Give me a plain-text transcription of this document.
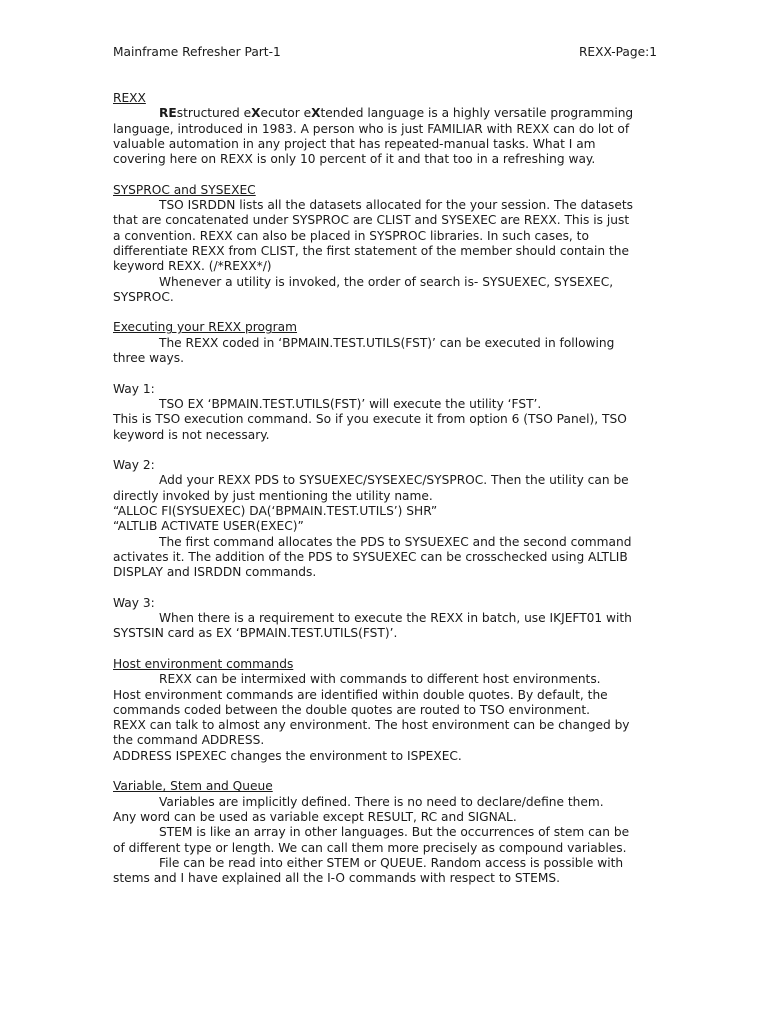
Mainframe Refresher Part-1	REXX-Page:1

REXX

REstructured eXecutor eXtended language is a highly versatile programming

language, introduced in 1983. A person who is just FAMILIAR with REXX can do lot of

valuable automation in any project that has repeated-manual tasks. What I am

covering here on REXX is only 10 percent of it and that too in a refreshing way.

SYSPROC and SYSEXEC

TSO ISRDDN lists all the datasets allocated for the your session. The datasets

that are concatenated under SYSPROC are CLIST and SYSEXEC are REXX. This is just

a convention. REXX can also be placed in SYSPROC libraries. In such cases, to

differentiate REXX from CLIST, the first statement of the member should contain the

keyword REXX. (/*REXX*/)

Whenever a utility is invoked, the order of search is- SYSUEXEC, SYSEXEC,

SYSPROC.

Executing your REXX program

The REXX coded in ‘BPMAIN.TEST.UTILS(FST)’ can be executed in following

three ways.

Way 1:

TSO EX ‘BPMAIN.TEST.UTILS(FST)’ will execute the utility ‘FST’.

This is TSO execution command. So if you execute it from option 6 (TSO Panel), TSO

keyword is not necessary.

Way 2:

Add your REXX PDS to SYSUEXEC/SYSEXEC/SYSPROC. Then the utility can be

directly invoked by just mentioning the utility name.

“ALLOC FI(SYSUEXEC) DA(‘BPMAIN.TEST.UTILS’) SHR”

“ALTLIB ACTIVATE USER(EXEC)”

The first command allocates the PDS to SYSUEXEC and the second command

activates it. The addition of the PDS to SYSUEXEC can be crosschecked using ALTLIB

DISPLAY and ISRDDN commands.

Way 3:

When there is a requirement to execute the REXX in batch, use IKJEFT01 with

SYSTSIN card as EX ‘BPMAIN.TEST.UTILS(FST)’.

Host environment commands

REXX can be intermixed with commands to different host environments.

Host environment commands are identified within double quotes. By default, the

commands coded between the double quotes are routed to TSO environment.

REXX can talk to almost any environment. The host environment can be changed by

the command ADDRESS.

ADDRESS ISPEXEC changes the environment to ISPEXEC.

Variable, Stem and Queue

Variables are implicitly defined. There is no need to declare/define them.

Any word can be used as variable except RESULT, RC and SIGNAL.

STEM is like an array in other languages. But the occurrences of stem can be

of different type or length. We can call them more precisely as compound variables.

File can be read into either STEM or QUEUE. Random access is possible with

stems and I have explained all the I-O commands with respect to STEMS.
